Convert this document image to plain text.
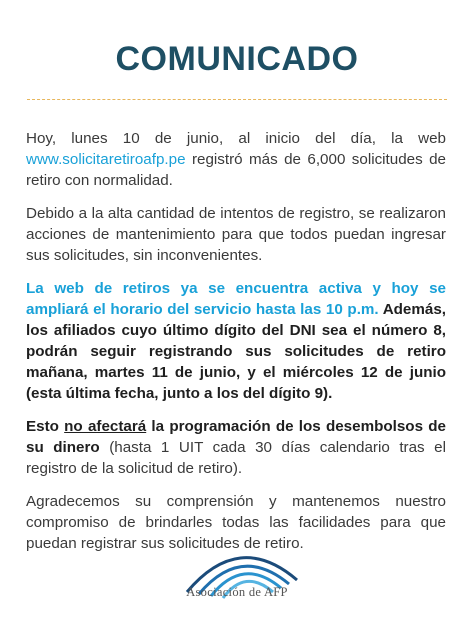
COMUNICADO

Hoy, lunes 10 de junio, al inicio del día, la web www.solicitaretiroafp.pe registró más de 6,000 solicitudes de retiro con normalidad.

Debido a la alta cantidad de intentos de registro, se realizaron acciones de mantenimiento para que todos puedan ingresar sus solicitudes, sin inconvenientes.

La web de retiros ya se encuentra activa y hoy se ampliará el horario del servicio hasta las 10 p.m. Además, los afiliados cuyo último dígito del DNI sea el número 8, podrán seguir registrando sus solicitudes de retiro mañana, martes 11 de junio, y el miércoles 12 de junio (esta última fecha, junto a los del dígito 9).

Esto no afectará la programación de los desembolsos de su dinero (hasta 1 UIT cada 30 días calendario tras el registro de la solicitud de retiro).

Agradecemos su comprensión y mantenemos nuestro compromiso de brindarles todas las facilidades para que puedan registrar sus solicitudes de retiro.

Asociación de AFP
